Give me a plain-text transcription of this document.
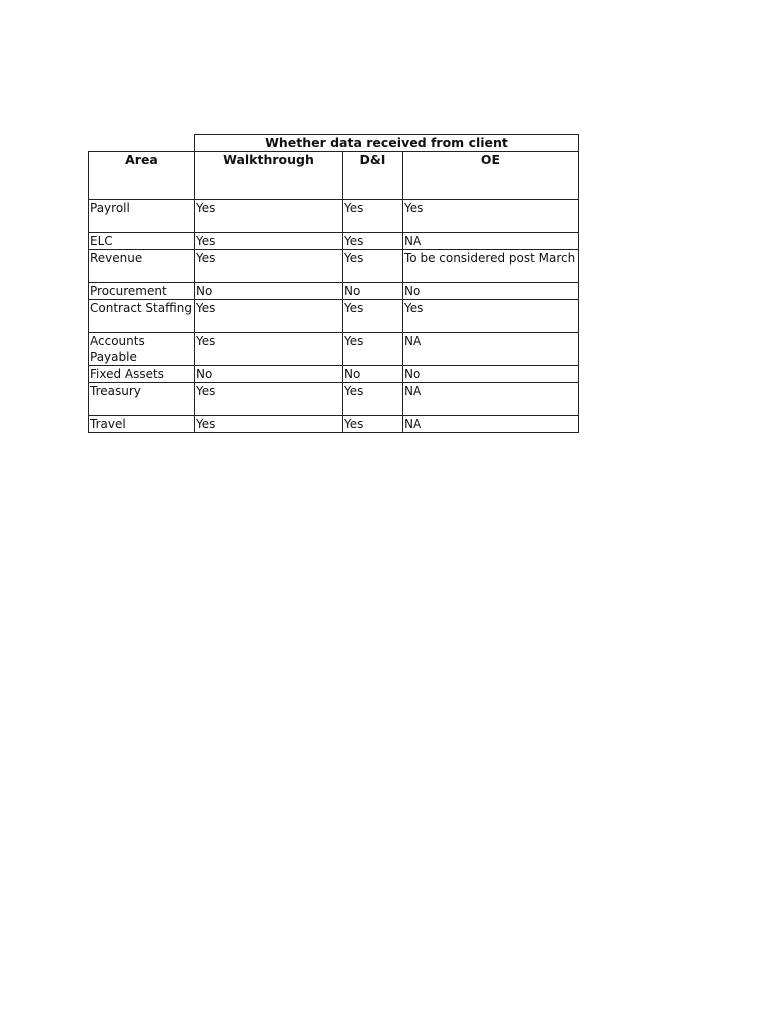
	Whether data received from client		
Area	Walkthrough	D&I	OE
Payroll	Yes	Yes	Yes
ELC	Yes	Yes	NA
Revenue	Yes	Yes	To be considered post March
Procurement	No	No	No
Contract Staffing	Yes	Yes	Yes
Accounts Payable	Yes	Yes	NA
Fixed Assets	No	No	No
Treasury	Yes	Yes	NA
Travel	Yes	Yes	NA
